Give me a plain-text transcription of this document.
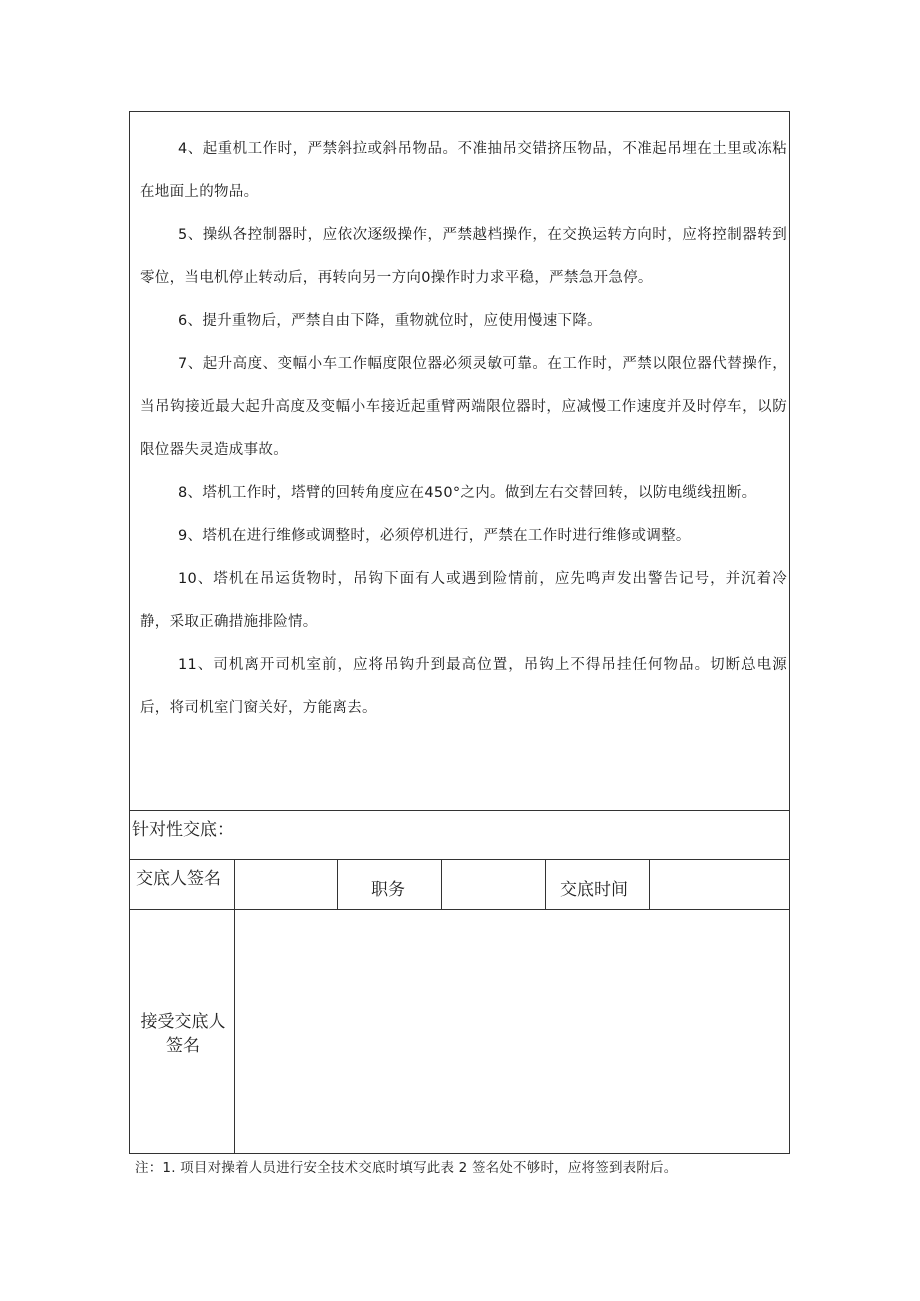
4、起重机工作时，严禁斜拉或斜吊物品。不准抽吊交错挤压物品，不准起吊埋在土里或冻粘在地面上的物品。

5、操纵各控制器时，应依次逐级操作，严禁越档操作，在交换运转方向时，应将控制器转到零位，当电机停止转动后，再转向另一方向0操作时力求平稳，严禁急开急停。

6、提升重物后，严禁自由下降，重物就位时，应使用慢速下降。

7、起升高度、变幅小车工作幅度限位器必须灵敏可靠。在工作时，严禁以限位器代替操作，当吊钩接近最大起升高度及变幅小车接近起重臂两端限位器时，应减慢工作速度并及时停车，以防限位器失灵造成事故。

8、塔机工作时，塔臂的回转角度应在450°之内。做到左右交替回转，以防电缆线扭断。

9、塔机在进行维修或调整时，必须停机进行，严禁在工作时进行维修或调整。

10、塔机在吊运货物时，吊钩下面有人或遇到险情前，应先鸣声发出警告记号，并沉着冷静，采取正确措施排险情。

11、司机离开司机室前，应将吊钩升到最高位置，吊钩上不得吊挂任何物品。切断总电源后，将司机室门窗关好，方能离去。

针对性交底：
交底人签名
职务	交底时间
接受交底人
签名
注：1. 项目对操着人员进行安全技术交底时填写此表 2 签名处不够时，应将签到表附后。
